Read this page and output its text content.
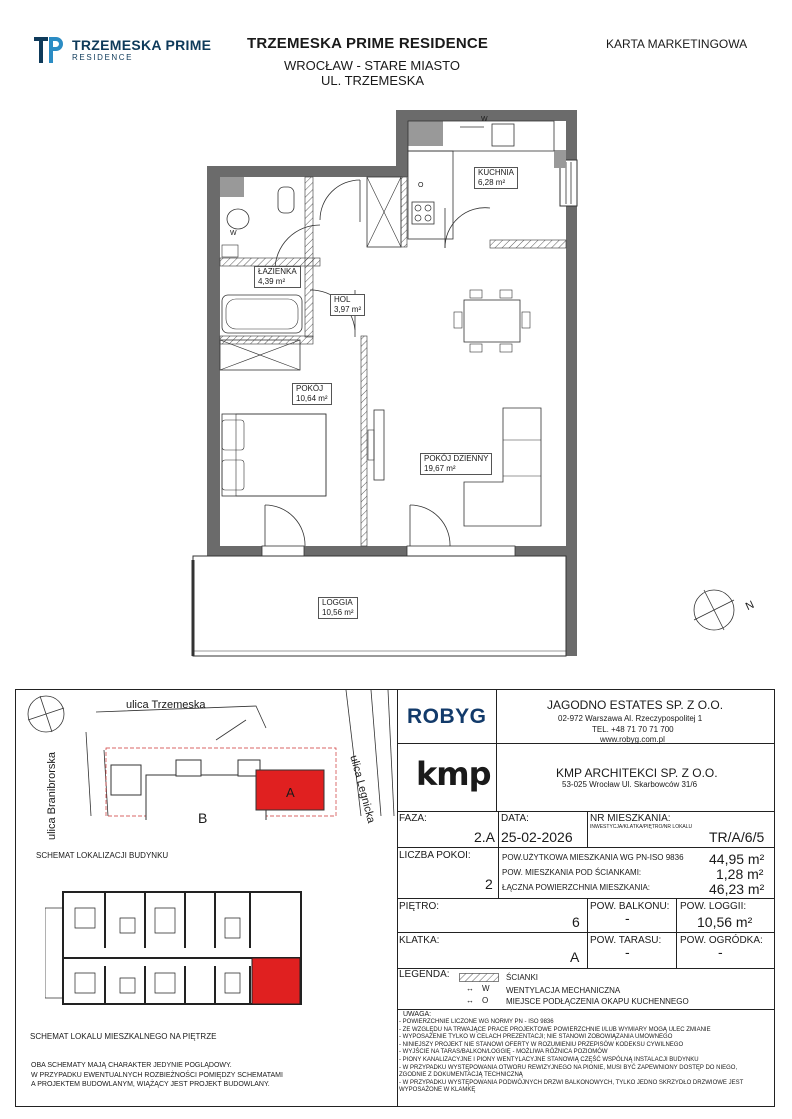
TRZEMESKA PRIME
RESIDENCE
TRZEMESKA PRIME RESIDENCE
WROCŁAW - STARE MIASTO
UL. TRZEMESKA
KARTA MARKETINGOWA
KUCHNIA
6,28 m²
ŁAZIENKA
4,39 m²
HOL
3,97 m²
POKÓJ
10,64 m²
POKÓJ DZIENNY
19,67 m²
LOGGIA
10,56 m²
W
O
W
N
ulica Trzemeska
ulica Branibrorska	ulica Legnicka
A
B
SCHEMAT LOKALIZACJI BUDYNKU
SCHEMAT LOKALU MIESZKALNEGO NA PIĘTRZE
OBA SCHEMATY MAJĄ CHARAKTER JEDYNIE POGLĄDOWY.
W PRZYPADKU EWENTUALNYCH ROZBIEŻNOŚCI POMIĘDZY SCHEMATAMI
A PROJEKTEM BUDOWLANYM, WIĄŻĄCY JEST PROJEKT BUDOWLANY.
ROBYG	JAGODNO ESTATES SP. Z O.O.
02-972 Warszawa Al. Rzeczypospolitej 1
TEL. +48 71 70 71 700
www.robyg.com.pl
kmp	KMP ARCHITEKCI SP. Z O.O.
53-025 Wrocław Ul. Skarbowców 31/6
FAZA:
2.A
DATA:
25-02-2026
NR MIESZKANIA:
INWESTYCJA/KLATKA/PIĘTRO/NR LOKALU
TR/A/6/5
LICZBA POKOI:
2
POW.UŻYTKOWA MIESZKANIA WG PN-ISO 9836 44,95 m²
POW. MIESZKANIA POD ŚCIANKAMI:	1,28 m²
ŁĄCZNA POWIERZCHNIA MIESZKANIA:	46,23 m²
PIĘTRO:
6
POW. BALKONU:
-
POW. LOGGII:
10,56 m²
KLATKA:
A
POW. TARASU:
-
POW. OGRÓDKA:
-
LEGENDA:	ŚCIANKI
↔ W WENTYLACJA MECHANICZNA
↔ O MIEJSCE PODŁĄCZENIA OKAPU KUCHENNEGO
UWAGA:
- POWIERZCHNIE LICZONE WG NORMY PN - ISO 9836
- ZE WZGLĘDU NA TRWAJĄCE PRACE PROJEKTOWE POWIERZCHNIE I/LUB WYMIARY MOGĄ ULEC ZMIANIE
- WYPOSAŻENIE TYLKO W CELACH PREZENTACJI; NIE STANOWI ZOBOWIĄZANIA UMOWNEGO
- NINIEJSZY PROJEKT NIE STANOWI OFERTY W ROZUMIENIU PRZEPISÓW KODEKSU CYWILNEGO
- WYJŚCIE NA TARAS/BALKON/LOGGIĘ - MOŻLIWA RÓŻNICA POZIOMÓW
- PIONY KANALIZACYJNE I PIONY WENTYLACYJNE STANOWIĄ CZĘŚĆ WSPÓLNĄ INSTALACJI BUDYNKU
- W PRZYPADKU WYSTĘPOWANIA OTWORU REWIZYJNEGO NA PIONIE, MUSI BYĆ ZAPEWNIONY DOSTĘP DO NIEGO,
ZGODNIE Z DOKUMENTACJĄ TECHNICZNĄ
- W PRZYPADKU WYSTĘPOWANIA PODWÓJNYCH DRZWI BALKONOWYCH, TYLKO JEDNO SKRZYDŁO DRZWIOWE JEST
WYPOSAŻONE W KLAMKĘ
